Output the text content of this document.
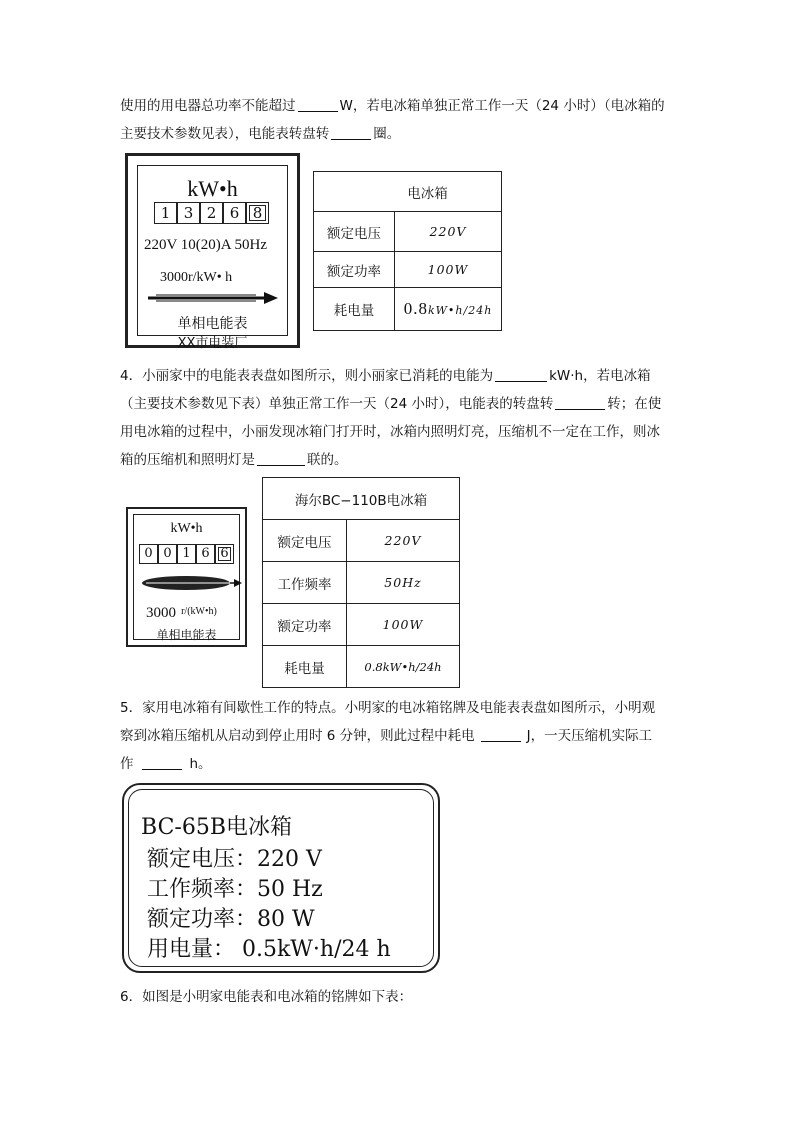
使用的用电器总功率不能超过	W，若电冰箱单独正常工作一天（24 小时）（电冰箱的

主要技术参数见表），电能表转盘转	圈。

kW•h
1 3 2 6 8
220V 10(20)A 50Hz
3000r/kW• h
单相电能表
XX市电装厂
电冰箱	
额定电压	220V
额定功率	100W
耗电量	0.8kW•h/24h

4．小丽家中的电能表表盘如图所示，则小丽家已消耗的电能为	kW·h，若电冰箱

（主要技术参数见下表）单独正常工作一天（24 小时），电能表的转盘转	转；在使

用电冰箱的过程中，小丽发现冰箱门打开时，冰箱内照明灯亮，压缩机不一定在工作，则冰

箱的压缩机和照明灯是	联的。

kW•h
0 0 1 6 6
3000 r/(kW•h)
单相电能表
海尔BC−110B电冰箱	
额定电压	220V
工作频率	50Hz
额定功率	100W
耗电量	0.8kW•h/24h

5．家用电冰箱有间歇性工作的特点。小明家的电冰箱铭牌及电能表表盘如图所示，小明观

察到冰箱压缩机从启动到停止用时 6 分钟，则此过程中耗电	J，一天压缩机实际工

作	h。

BC-65B电冰箱
额定电压：220 V
工作频率：50 Hz
额定功率：80 W
用电量： 0.5kW·h/24 h

6．如图是小明家电能表和电冰箱的铭牌如下表：
